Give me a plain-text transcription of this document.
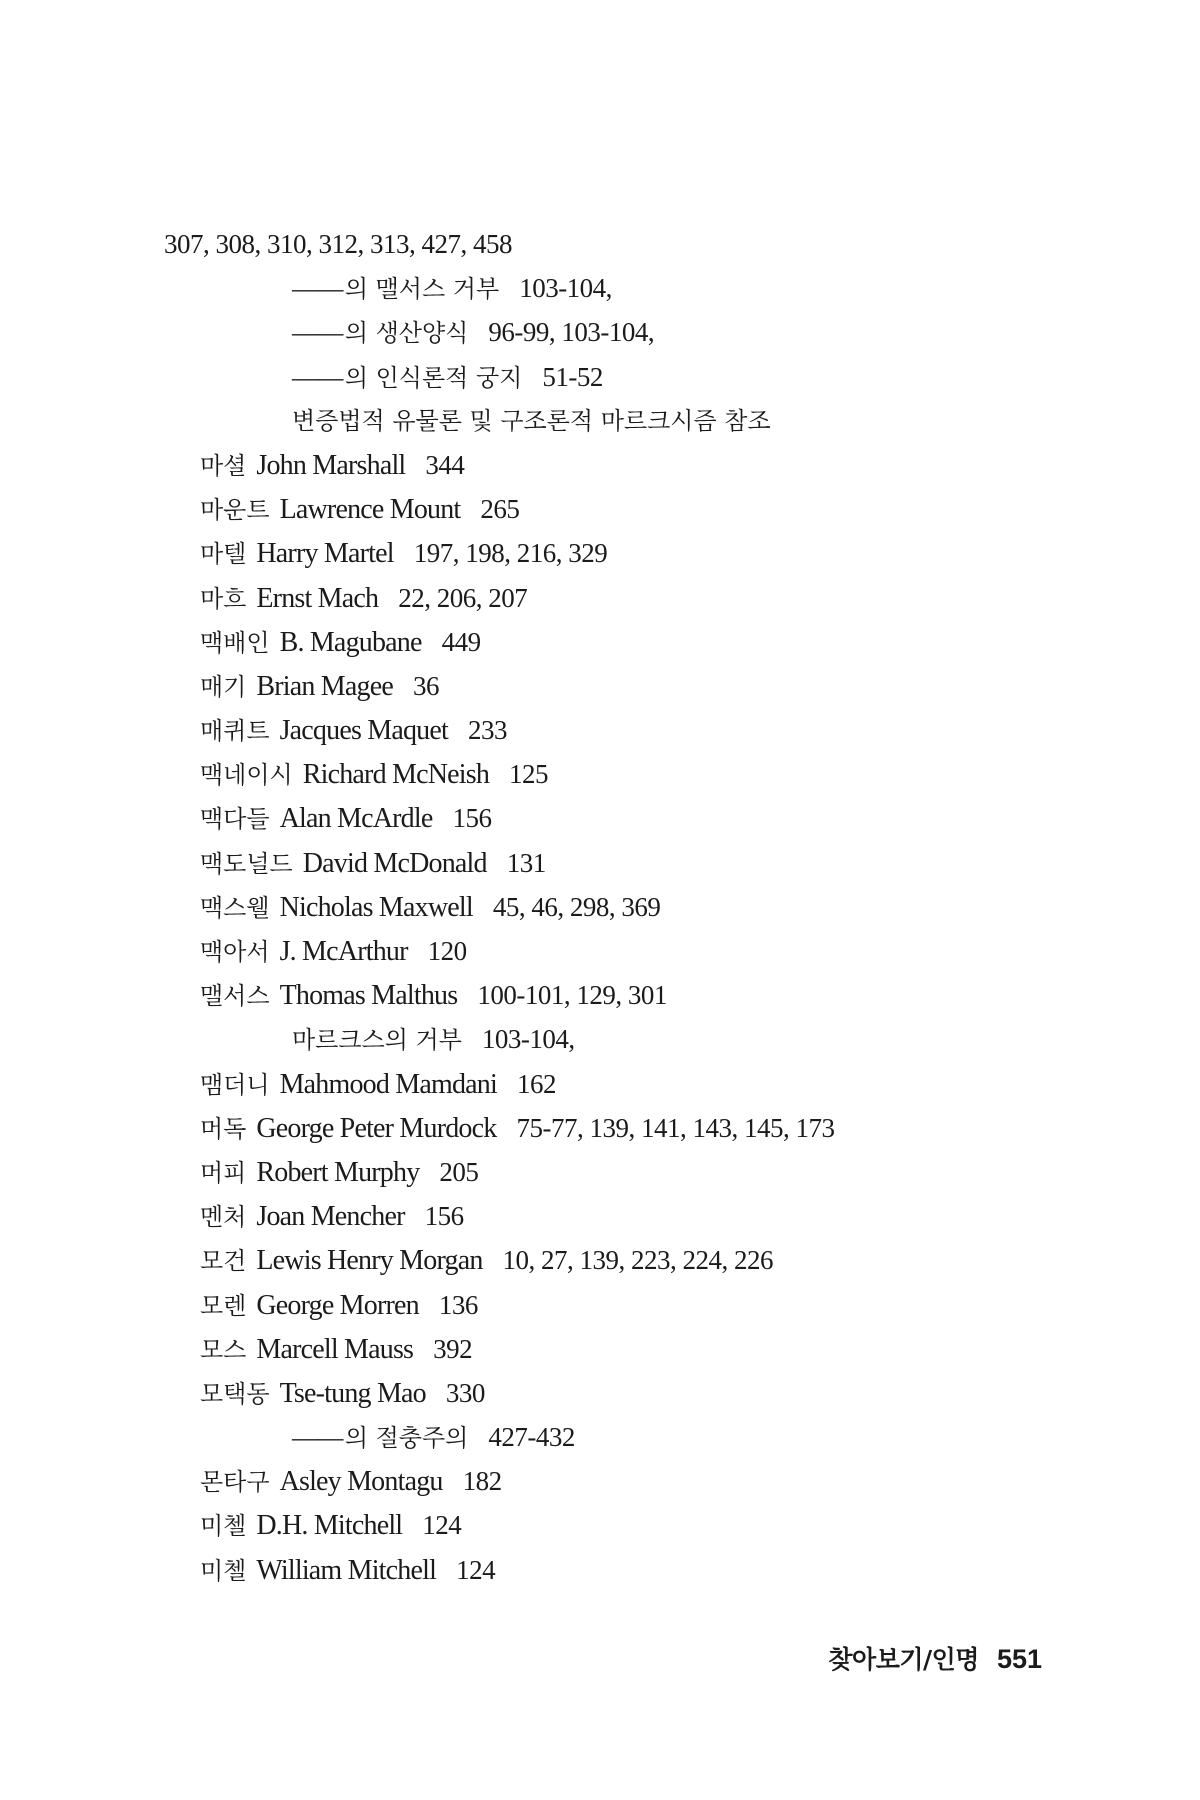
307, 308, 310, 312, 313, 427, 458
——의 맬서스 거부 103-104,
——의 생산양식 96-99, 103-104,
——의 인식론적 궁지 51-52
변증법적 유물론 및 구조론적 마르크시즘 참조
마셜 John Marshall 344
마운트 Lawrence Mount 265
마텔 Harry Martel 197, 198, 216, 329
마흐 Ernst Mach 22, 206, 207
맥배인 B. Magubane 449
매기 Brian Magee 36
매퀴트 Jacques Maquet 233
맥네이시 Richard McNeish 125
맥다들 Alan McArdle 156
맥도널드 David McDonald 131
맥스웰 Nicholas Maxwell 45, 46, 298, 369
맥아서 J. McArthur 120
맬서스 Thomas Malthus 100-101, 129, 301
마르크스의 거부 103-104,
맴더니 Mahmood Mamdani 162
머독 George Peter Murdock 75-77, 139, 141, 143, 145, 173
머피 Robert Murphy 205
멘처 Joan Mencher 156
모건 Lewis Henry Morgan 10, 27, 139, 223, 224, 226
모렌 George Morren 136
모스 Marcell Mauss 392
모택동 Tse-tung Mao 330
——의 절충주의 427-432
몬타구 Asley Montagu 182
미첼 D.H. Mitchell 124
미첼 William Mitchell 124
찾아보기/인명 551
